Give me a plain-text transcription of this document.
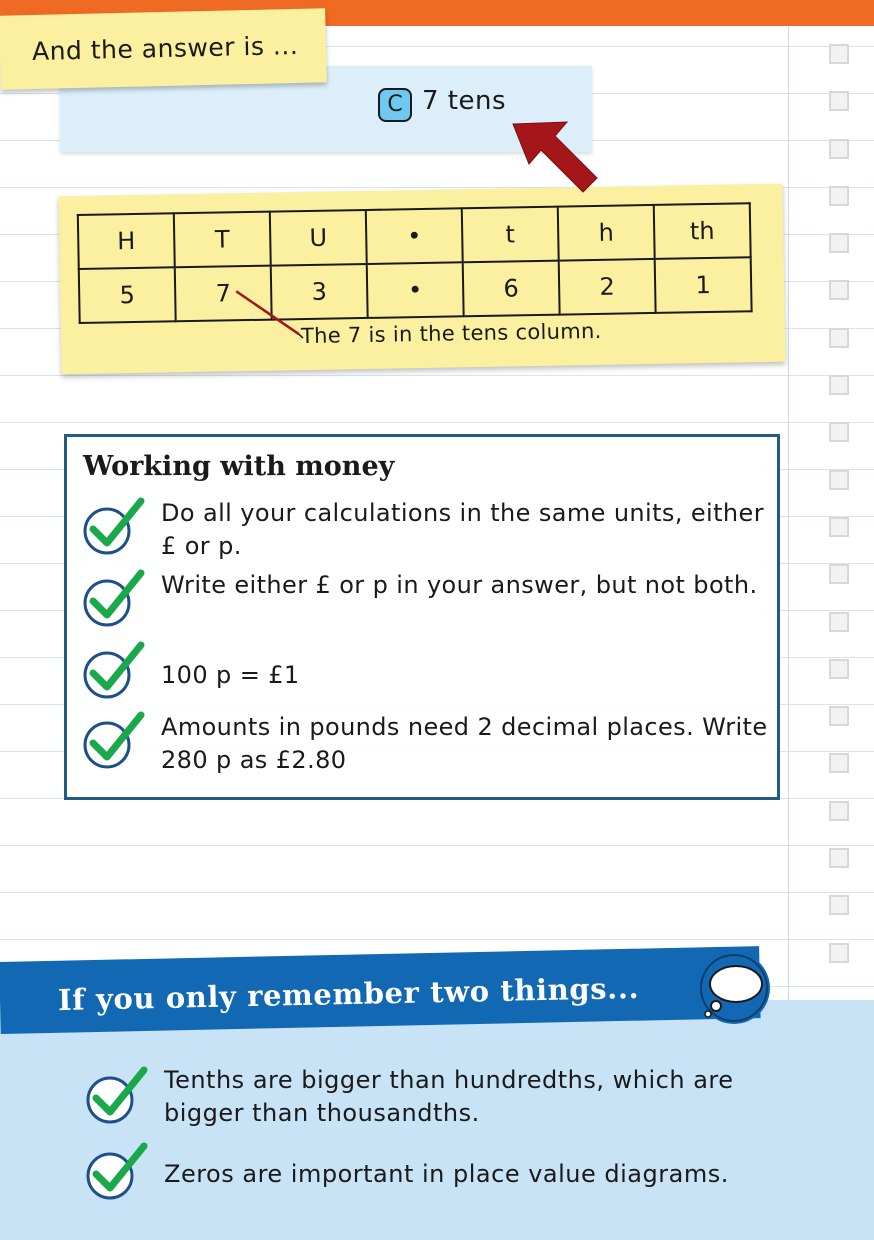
C 7 tens
And the answer is ...
H	T	U	•	t	h	th
5	7	3	•	6	2	1
The 7 is in the tens column.
Working with money
Do all your calculations in the same units, either £ or p.
Write either £ or p in your answer, but not both.
100 p = £1
Amounts in pounds need 2 decimal places. Write 280 p as £2.80
If you only remember two things...
Tenths are bigger than hundredths, which are bigger than thousandths.
Zeros are important in place value diagrams.
